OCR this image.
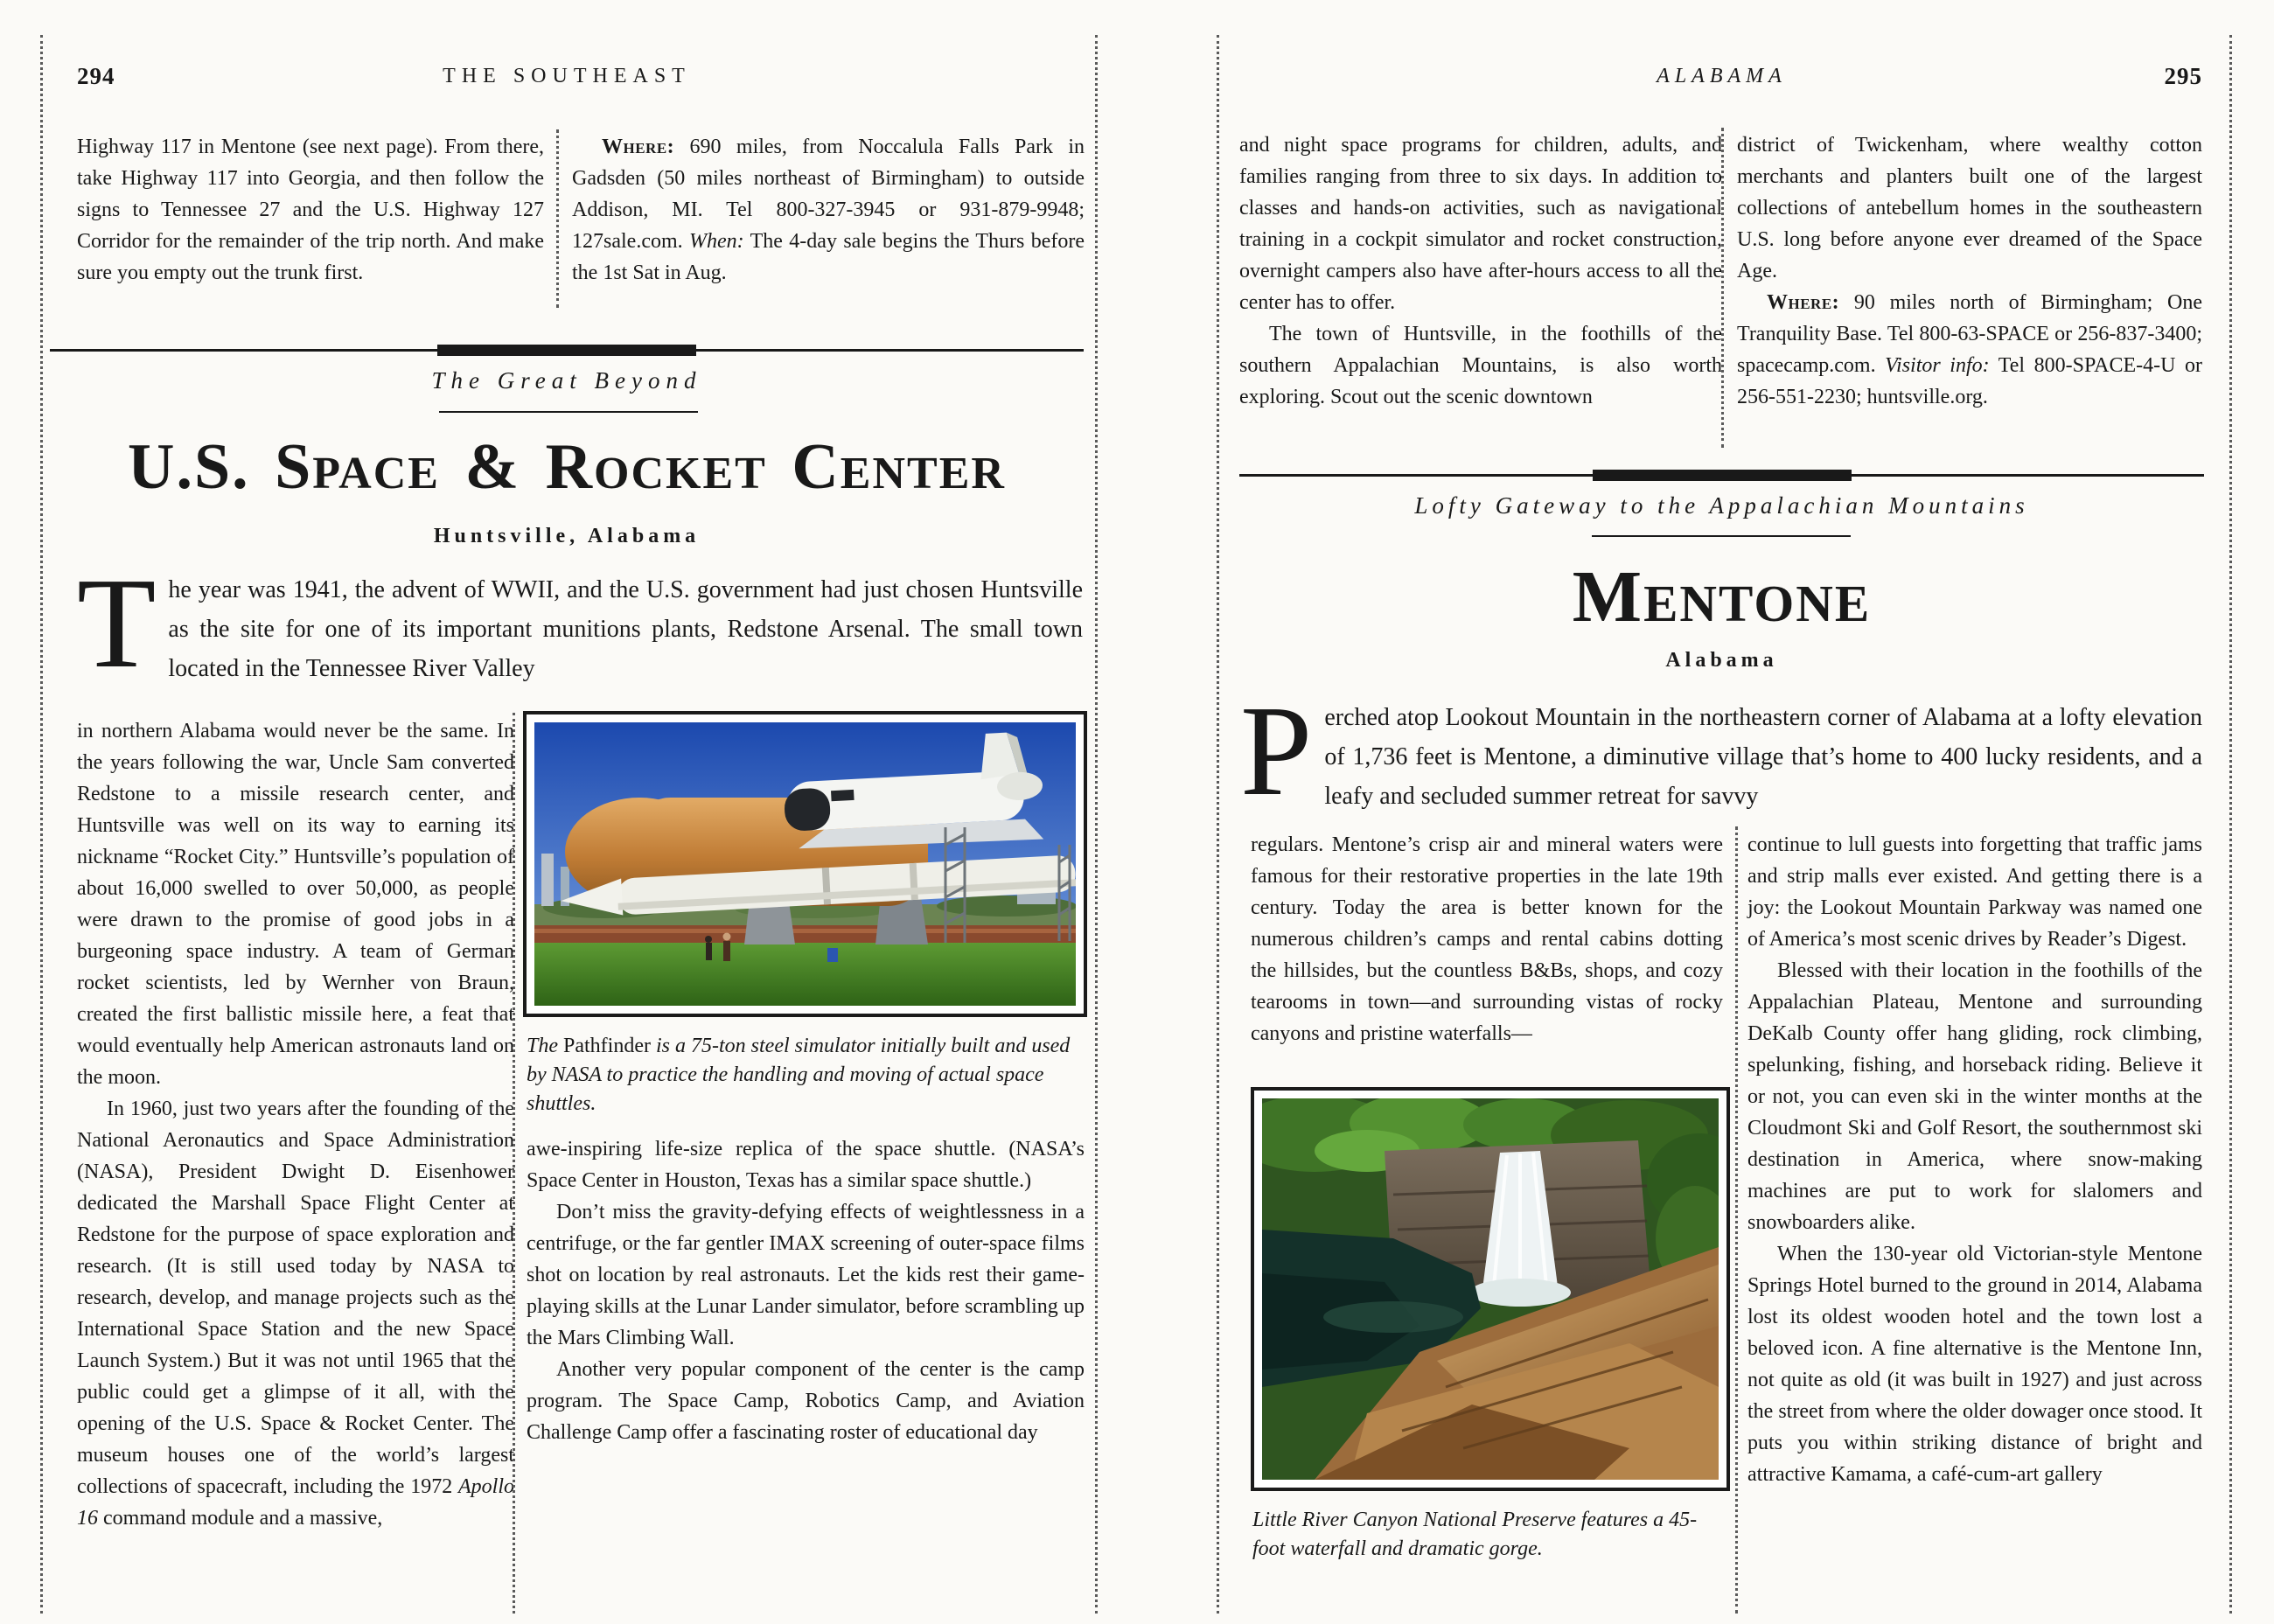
294	THE SOUTHEAST

Highway 117 in Mentone (see next page). From there, take Highway 117 into Georgia, and then follow the signs to Tennessee 27 and the U.S. Highway 127 Corridor for the remainder of the trip north. And make sure you empty out the trunk first.

Where: 690 miles, from Noccalula Falls Park in Gadsden (50 miles northeast of Birmingham) to outside Addison, MI. Tel 800-327-3945 or 931-879-9948; 127sale.com. When: The 4-day sale begins the Thurs before the 1st Sat in Aug.

The Great Beyond
U.S. Space & Rocket Center
Huntsville, Alabama
The year was 1941, the advent of WWII, and the U.S. government had just chosen Huntsville as the site for one of its important munitions plants, Redstone Arsenal. The small town located in the Tennessee River Valley

in northern Alabama would never be the same. In the years following the war, Uncle Sam converted Redstone to a missile research center, and Huntsville was well on its way to earning its nickname “Rocket City.” Huntsville’s population of about 16,000 swelled to over 50,000, as people were drawn to the promise of good jobs in a burgeoning space industry. A team of German rocket scientists, led by Wernher von Braun, created the first ballistic missile here, a feat that would eventually help American astronauts land on the moon.

In 1960, just two years after the founding of the National Aeronautics and Space Administration (NASA), President Dwight D. Eisenhower dedicated the Marshall Space Flight Center at Redstone for the purpose of space exploration and research. (It is still used today by NASA to research, develop, and manage projects such as the International Space Station and the new Space Launch System.) But it was not until 1965 that the public could get a glimpse of it all, with the opening of the U.S. Space & Rocket Center. The museum houses one of the world’s largest collections of spacecraft, including the 1972 Apollo 16 command module and a massive,

The Pathfinder is a 75-ton steel simulator initially built and used by NASA to practice the handling and moving of actual space shuttles.

awe-inspiring life-size replica of the space shuttle. (NASA’s Space Center in Houston, Texas has a similar space shuttle.)

Don’t miss the gravity-defying effects of weightlessness in a centrifuge, or the far gentler IMAX screening of outer-space films shot on location by real astronauts. Let the kids rest their game-playing skills at the Lunar Lander simulator, before scrambling up the Mars Climbing Wall.

Another very popular component of the center is the camp program. The Space Camp, Robotics Camp, and Aviation Challenge Camp offer a fascinating roster of educational day

ALABAMA	295

and night space programs for children, adults, and families ranging from three to six days. In addition to classes and hands-on activities, such as navigational training in a cockpit simulator and rocket construction, overnight campers also have after-hours access to all the center has to offer.

The town of Huntsville, in the foothills of the southern Appalachian Mountains, is also worth exploring. Scout out the scenic downtown

district of Twickenham, where wealthy cotton merchants and planters built one of the largest collections of antebellum homes in the southeastern U.S. long before anyone ever dreamed of the Space Age.

Where: 90 miles north of Birmingham; One Tranquility Base. Tel 800-63-SPACE or 256-837-3400; spacecamp.com. Visitor info: Tel 800-SPACE-4-U or 256-551-2230; huntsville.org.

Lofty Gateway to the Appalachian Mountains
Mentone
Alabama
Perched atop Lookout Mountain in the northeastern corner of Alabama at a lofty elevation of 1,736 feet is Mentone, a diminutive village that’s home to 400 lucky residents, and a leafy and secluded summer retreat for savvy

regulars. Mentone’s crisp air and mineral waters were famous for their restorative properties in the late 19th century. Today the area is better known for the numerous children’s camps and rental cabins dotting the hillsides, but the countless B&Bs, shops, and cozy tearooms in town—and surrounding vistas of rocky canyons and pristine waterfalls—

Little River Canyon National Preserve features a 45-foot waterfall and dramatic gorge.

continue to lull guests into forgetting that traffic jams and strip malls ever existed. And getting there is a joy: the Lookout Mountain Parkway was named one of America’s most scenic drives by Reader’s Digest.

Blessed with their location in the foothills of the Appalachian Plateau, Mentone and surrounding DeKalb County offer hang gliding, rock climbing, spelunking, fishing, and horseback riding. Believe it or not, you can even ski in the winter months at the Cloudmont Ski and Golf Resort, the southernmost ski destination in America, where snow-making machines are put to work for slalomers and snowboarders alike.

When the 130-year old Victorian-style Mentone Springs Hotel burned to the ground in 2014, Alabama lost its oldest wooden hotel and the town lost a beloved icon. A fine alternative is the Mentone Inn, not quite as old (it was built in 1927) and just across the street from where the older dowager once stood. It puts you within striking distance of bright and attractive Kamama, a café-cum-art gallery
